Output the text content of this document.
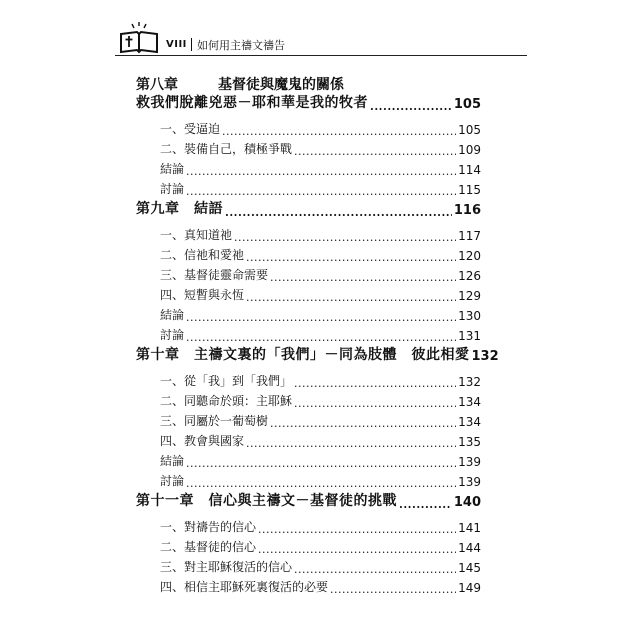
VIII 如何用主禱文禱告
第八章	基督徒與魔鬼的關係
救我們脫離兇惡－耶和華是我的牧者 .....	105
一、受逼迫 .....	105
二、裝備自己，積極爭戰 .....	109
結論 .....	114
討論 .....	115
第九章　 結語 .....	116
一、真知道祂 .....	117
二、信祂和愛祂 .....	120
三、基督徒靈命需要 .....	126
四、短暫與永恆 .....	129
結論 .....	130
討論 .....	131
第十章　 主禱文裏的「我們」－同為肢體　彼此相愛 132
一、從「我」到「我們」 .....	132
二、同聽命於頭：主耶穌 .....	134
三、同屬於一葡萄樹 .....	134
四、教會與國家 .....	135
結論 .....	139
討論 .....	139
第十一章　 信心與主禱文－基督徒的挑戰 .....	140
一、對禱告的信心 .....	141
二、基督徒的信心 .....	144
三、對主耶穌復活的信心 .....	145
四、相信主耶穌死裏復活的必要 .....	149
